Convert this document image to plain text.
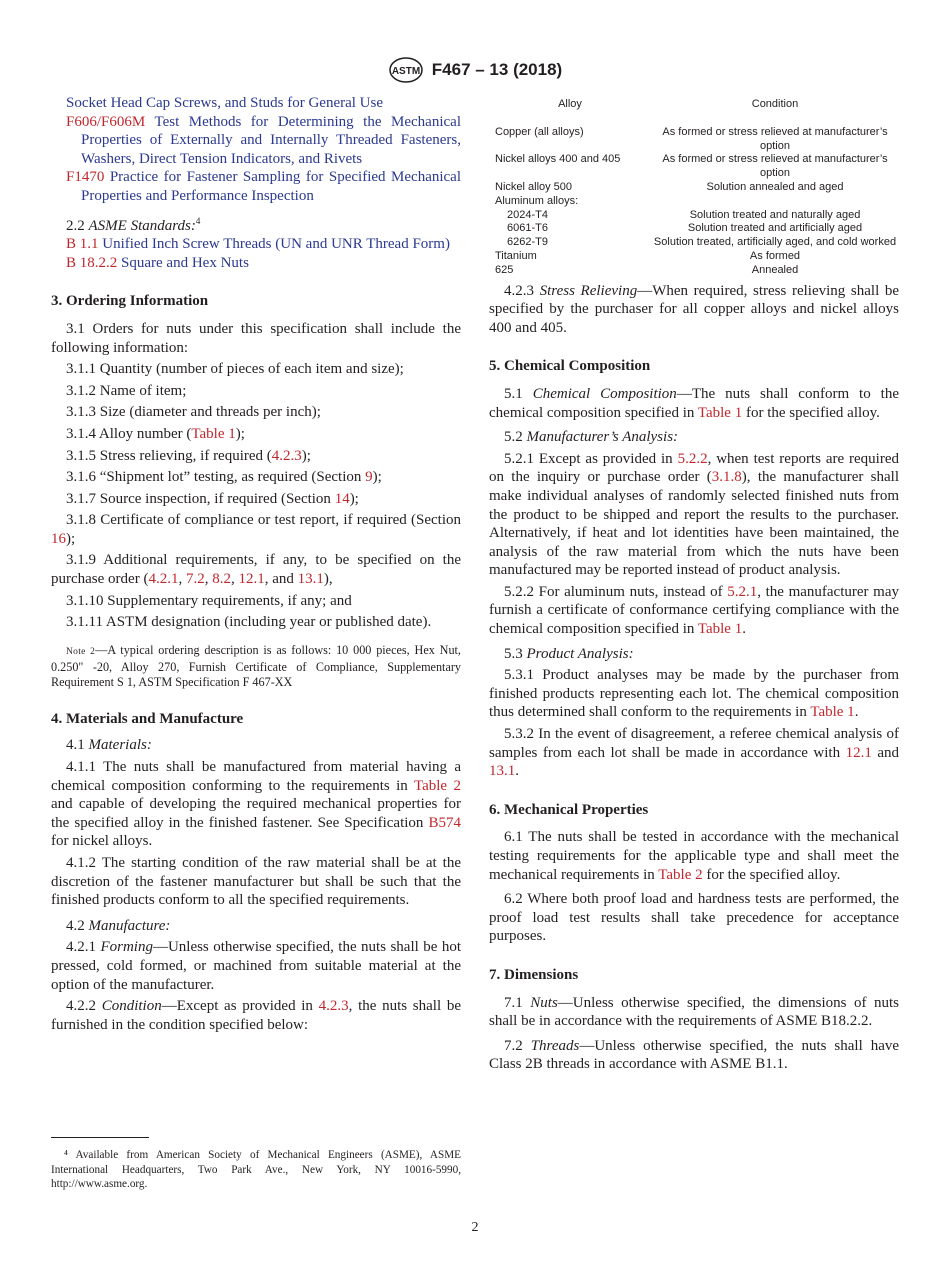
ASTM F467 – 13 (2018)

Socket Head Cap Screws, and Studs for General Use

F606/F606M Test Methods for Determining the Mechanical Properties of Externally and Internally Threaded Fasteners, Washers, Direct Tension Indicators, and Rivets

F1470 Practice for Fastener Sampling for Specified Mechanical Properties and Performance Inspection

2.2 ASME Standards:$^4$

B 1.1 Unified Inch Screw Threads (UN and UNR Thread Form)

B 18.2.2 Square and Hex Nuts

3. Ordering Information

3.1 Orders for nuts under this specification shall include the following information:

3.1.1 Quantity (number of pieces of each item and size);

3.1.2 Name of item;

3.1.3 Size (diameter and threads per inch);

3.1.4 Alloy number (Table 1);

3.1.5 Stress relieving, if required (4.2.3);

3.1.6 “Shipment lot” testing, as required (Section 9);

3.1.7 Source inspection, if required (Section 14);

3.1.8 Certificate of compliance or test report, if required (Section 16);

3.1.9 Additional requirements, if any, to be specified on the purchase order (4.2.1, 7.2, 8.2, 12.1, and 13.1),

3.1.10 Supplementary requirements, if any; and

3.1.11 ASTM designation (including year or published date).

Note 2—A typical ordering description is as follows: 10 000 pieces, Hex Nut, 0.250" -20, Alloy 270, Furnish Certificate of Compliance, Supplementary Requirement S 1, ASTM Specification F 467-XX

4. Materials and Manufacture

4.1 Materials:

4.1.1 The nuts shall be manufactured from material having a chemical composition conforming to the requirements in Table 2 and capable of developing the required mechanical properties for the specified alloy in the finished fastener. See Specification B574 for nickel alloys.

4.1.2 The starting condition of the raw material shall be at the discretion of the fastener manufacturer but shall be such that the finished products conform to all the specified requirements.

4.2 Manufacture:

4.2.1 Forming—Unless otherwise specified, the nuts shall be hot pressed, cold formed, or machined from suitable material at the option of the manufacturer.

4.2.2 Condition—Except as provided in 4.2.3, the nuts shall be furnished in the condition specified below:

⁴ Available from American Society of Mechanical Engineers (ASME), ASME International Headquarters, Two Park Ave., New York, NY 10016-5990, http://www.asme.org.
Alloy	Condition
Copper (all alloys)	As formed or stress relieved at manufacturer’s option
Nickel alloys 400 and 405	As formed or stress relieved at manufacturer’s option
Nickel alloy 500	Solution annealed and aged
Aluminum alloys:	
2024-T4	Solution treated and naturally aged
6061-T6	Solution treated and artificially aged
6262-T9	Solution treated, artificially aged, and cold worked
Titanium	As formed
625	Annealed

4.2.3 Stress Relieving—When required, stress relieving shall be specified by the purchaser for all copper alloys and nickel alloys 400 and 405.

5. Chemical Composition

5.1 Chemical Composition—The nuts shall conform to the chemical composition specified in Table 1 for the specified alloy.

5.2 Manufacturer’s Analysis:

5.2.1 Except as provided in 5.2.2, when test reports are required on the inquiry or purchase order (3.1.8), the manufacturer shall make individual analyses of randomly selected finished nuts from the product to be shipped and report the results to the purchaser. Alternatively, if heat and lot identities have been maintained, the analysis of the raw material from which the nuts have been manufactured may be reported instead of product analysis.

5.2.2 For aluminum nuts, instead of 5.2.1, the manufacturer may furnish a certificate of conformance certifying compliance with the chemical composition specified in Table 1.

5.3 Product Analysis:

5.3.1 Product analyses may be made by the purchaser from finished products representing each lot. The chemical composition thus determined shall conform to the requirements in Table 1.

5.3.2 In the event of disagreement, a referee chemical analysis of samples from each lot shall be made in accordance with 12.1 and 13.1.

6. Mechanical Properties

6.1 The nuts shall be tested in accordance with the mechanical testing requirements for the applicable type and shall meet the mechanical requirements in Table 2 for the specified alloy.

6.2 Where both proof load and hardness tests are performed, the proof load test results shall take precedence for acceptance purposes.

7. Dimensions

7.1 Nuts—Unless otherwise specified, the dimensions of nuts shall be in accordance with the requirements of ASME B18.2.2.

7.2 Threads—Unless otherwise specified, the nuts shall have Class 2B threads in accordance with ASME B1.1.

2
